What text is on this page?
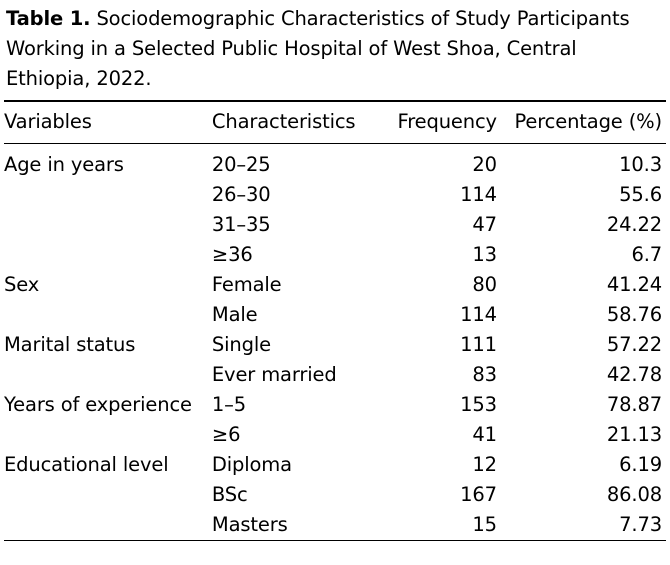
Table 1. Sociodemographic Characteristics of Study Participants Working in a Selected Public Hospital of West Shoa, Central Ethiopia, 2022.

Variables	Characteristics	Frequency	Percentage (%)
Age in years	20–25	20	10.3
	26–30	114	55.6
	31–35	47	24.22
	≥36	13	6.7
Sex	Female	80	41.24
	Male	114	58.76
Marital status	Single	111	57.22
	Ever married	83	42.78
Years of experience	1–5	153	78.87
	≥6	41	21.13
Educational level	Diploma	12	6.19
	BSc	167	86.08
	Masters	15	7.73
